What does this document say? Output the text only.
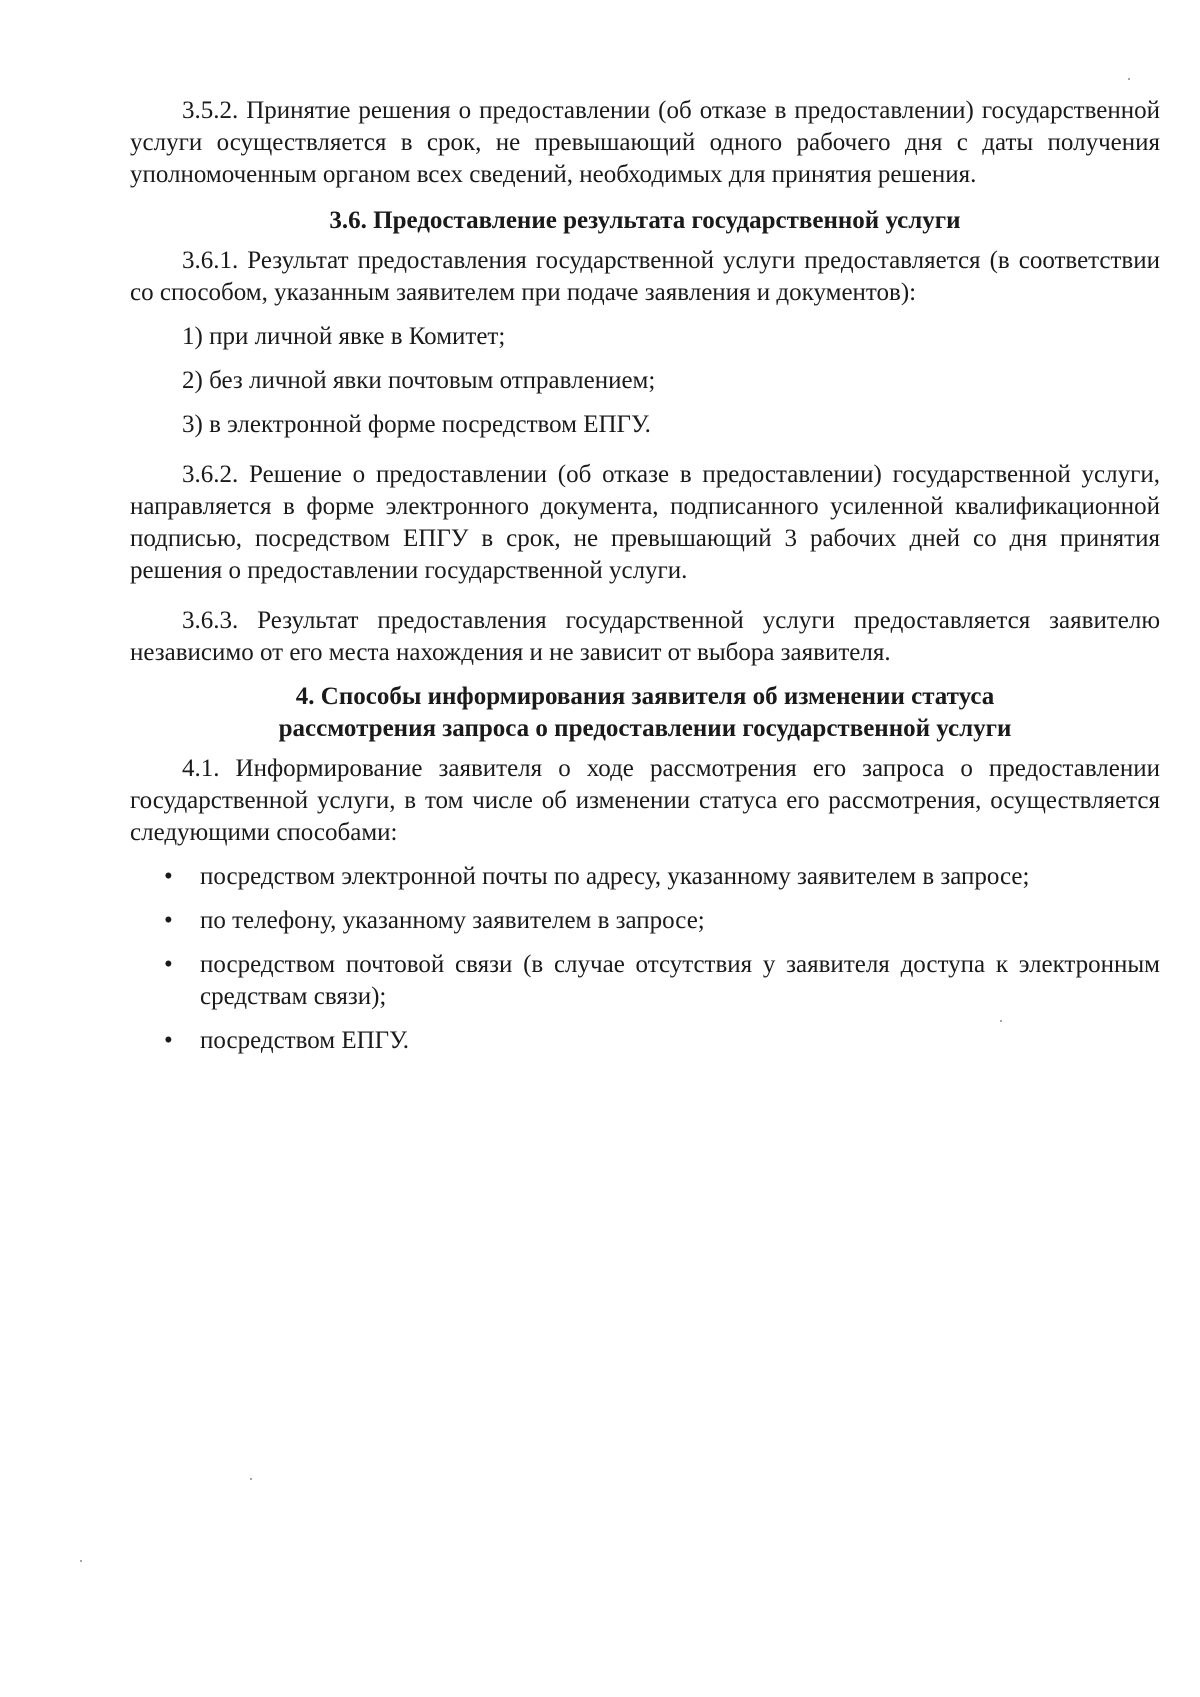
3.5.2. Принятие решения о предоставлении (об отказе в предоставлении) государственной услуги осуществляется в срок, не превышающий одного рабочего дня с даты получения уполномоченным органом всех сведений, необходимых для принятия решения.

3.6. Предоставление результата государственной услуги

3.6.1. Результат предоставления государственной услуги предоставляется (в соответствии со способом, указанным заявителем при подаче заявления и документов):

1) при личной явке в Комитет;

2) без личной явки почтовым отправлением;

3) в электронной форме посредством ЕПГУ.

3.6.2. Решение о предоставлении (об отказе в предоставлении) государственной услуги, направляется в форме электронного документа, подписанного усиленной квалификационной подписью, посредством ЕПГУ в срок, не превышающий 3 рабочих дней со дня принятия решения о предоставлении государственной услуги.

3.6.3. Результат предоставления государственной услуги предоставляется заявителю независимо от его места нахождения и не зависит от выбора заявителя.

4. Способы информирования заявителя об изменении статуса
рассмотрения запроса о предоставлении государственной услуги

4.1. Информирование заявителя о ходе рассмотрения его запроса о предоставлении государственной услуги, в том числе об изменении статуса его рассмотрения, осуществляется следующими способами:

• посредством электронной почты по адресу, указанному заявителем в запросе;
• по телефону, указанному заявителем в запросе;
• посредством почтовой связи (в случае отсутствия у заявителя доступа к электронным средствам связи);
• посредством ЕПГУ.
